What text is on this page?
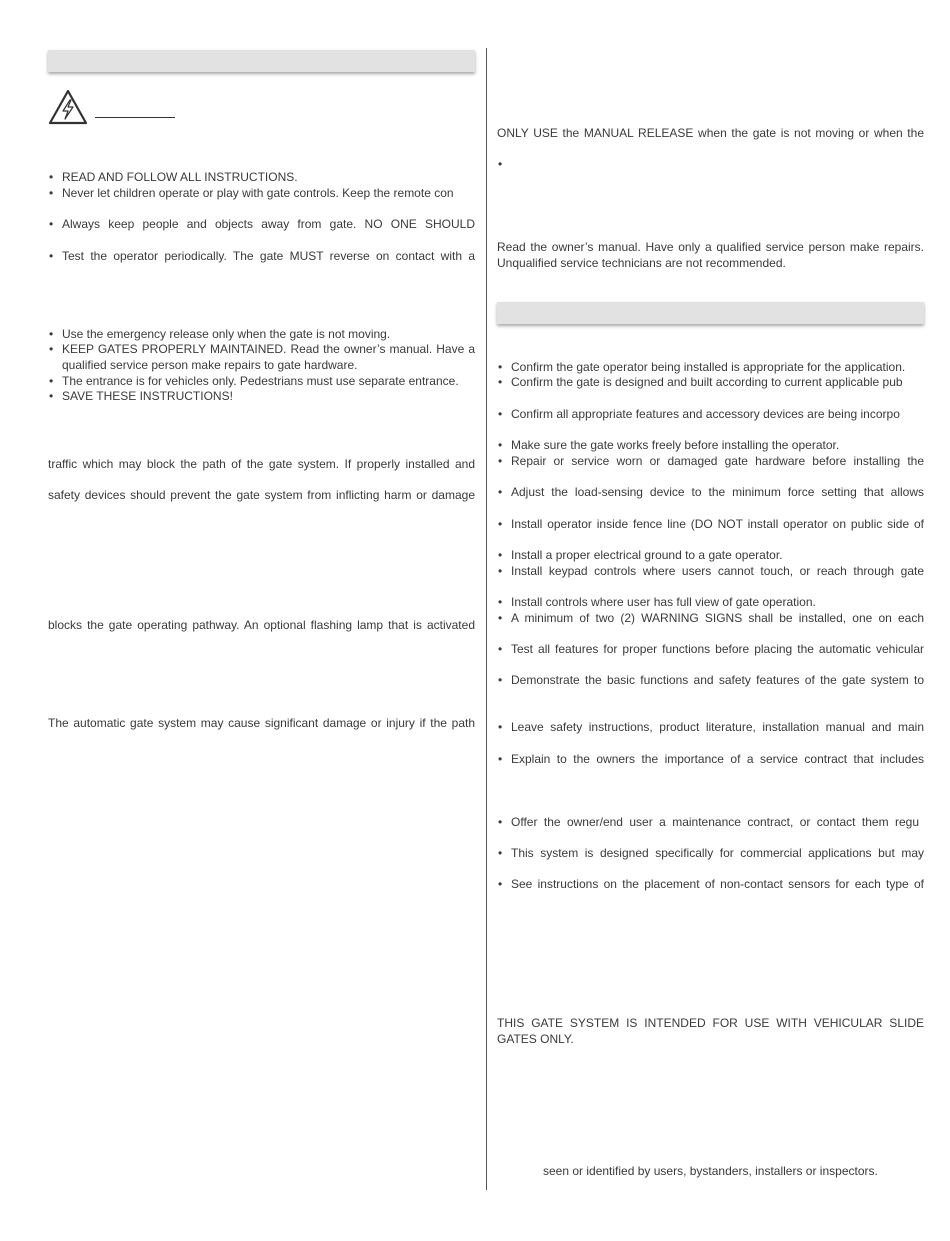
• READ AND FOLLOW ALL INSTRUCTIONS.
• Never let children operate or play with gate controls. Keep the remote con
• Always keep people and objects away from gate. NO ONE SHOULD
• Test the operator periodically. The gate MUST reverse on contact with a
• Use the emergency release only when the gate is not moving.
• KEEP GATES PROPERLY MAINTAINED. Read the owner’s manual. Have a
qualified service person make repairs to gate hardware.
• The entrance is for vehicles only. Pedestrians must use separate entrance.
• SAVE THESE INSTRUCTIONS!
traffic which may block the path of the gate system. If properly installed and
safety devices should prevent the gate system from inflicting harm or damage
blocks the gate operating pathway. An optional flashing lamp that is activated
The automatic gate system may cause significant damage or injury if the path
ONLY USE the MANUAL RELEASE when the gate is not moving or when the
•
Read the owner’s manual. Have only a qualified service person make repairs.
Unqualified service technicians are not recommended.
• Confirm the gate operator being installed is appropriate for the application.
• Confirm the gate is designed and built according to current applicable pub
• Confirm all appropriate features and accessory devices are being incorpo
• Make sure the gate works freely before installing the operator.
• Repair or service worn or damaged gate hardware before installing the
• Adjust the load-sensing device to the minimum force setting that allows
• Install operator inside fence line (DO NOT install operator on public side of
• Install a proper electrical ground to a gate operator.
• Install keypad controls where users cannot touch, or reach through gate
• Install controls where user has full view of gate operation.
• A minimum of two (2) WARNING SIGNS shall be installed, one on each
• Test all features for proper functions before placing the automatic vehicular
• Demonstrate the basic functions and safety features of the gate system to
• Leave safety instructions, product literature, installation manual and main
• Explain to the owners the importance of a service contract that includes
• Offer the owner/end user a maintenance contract, or contact them regu
• This system is designed specifically for commercial applications but may
• See instructions on the placement of non-contact sensors for each type of
THIS GATE SYSTEM IS INTENDED FOR USE WITH VEHICULAR SLIDE
GATES ONLY.
seen or identified by users, bystanders, installers or inspectors.
